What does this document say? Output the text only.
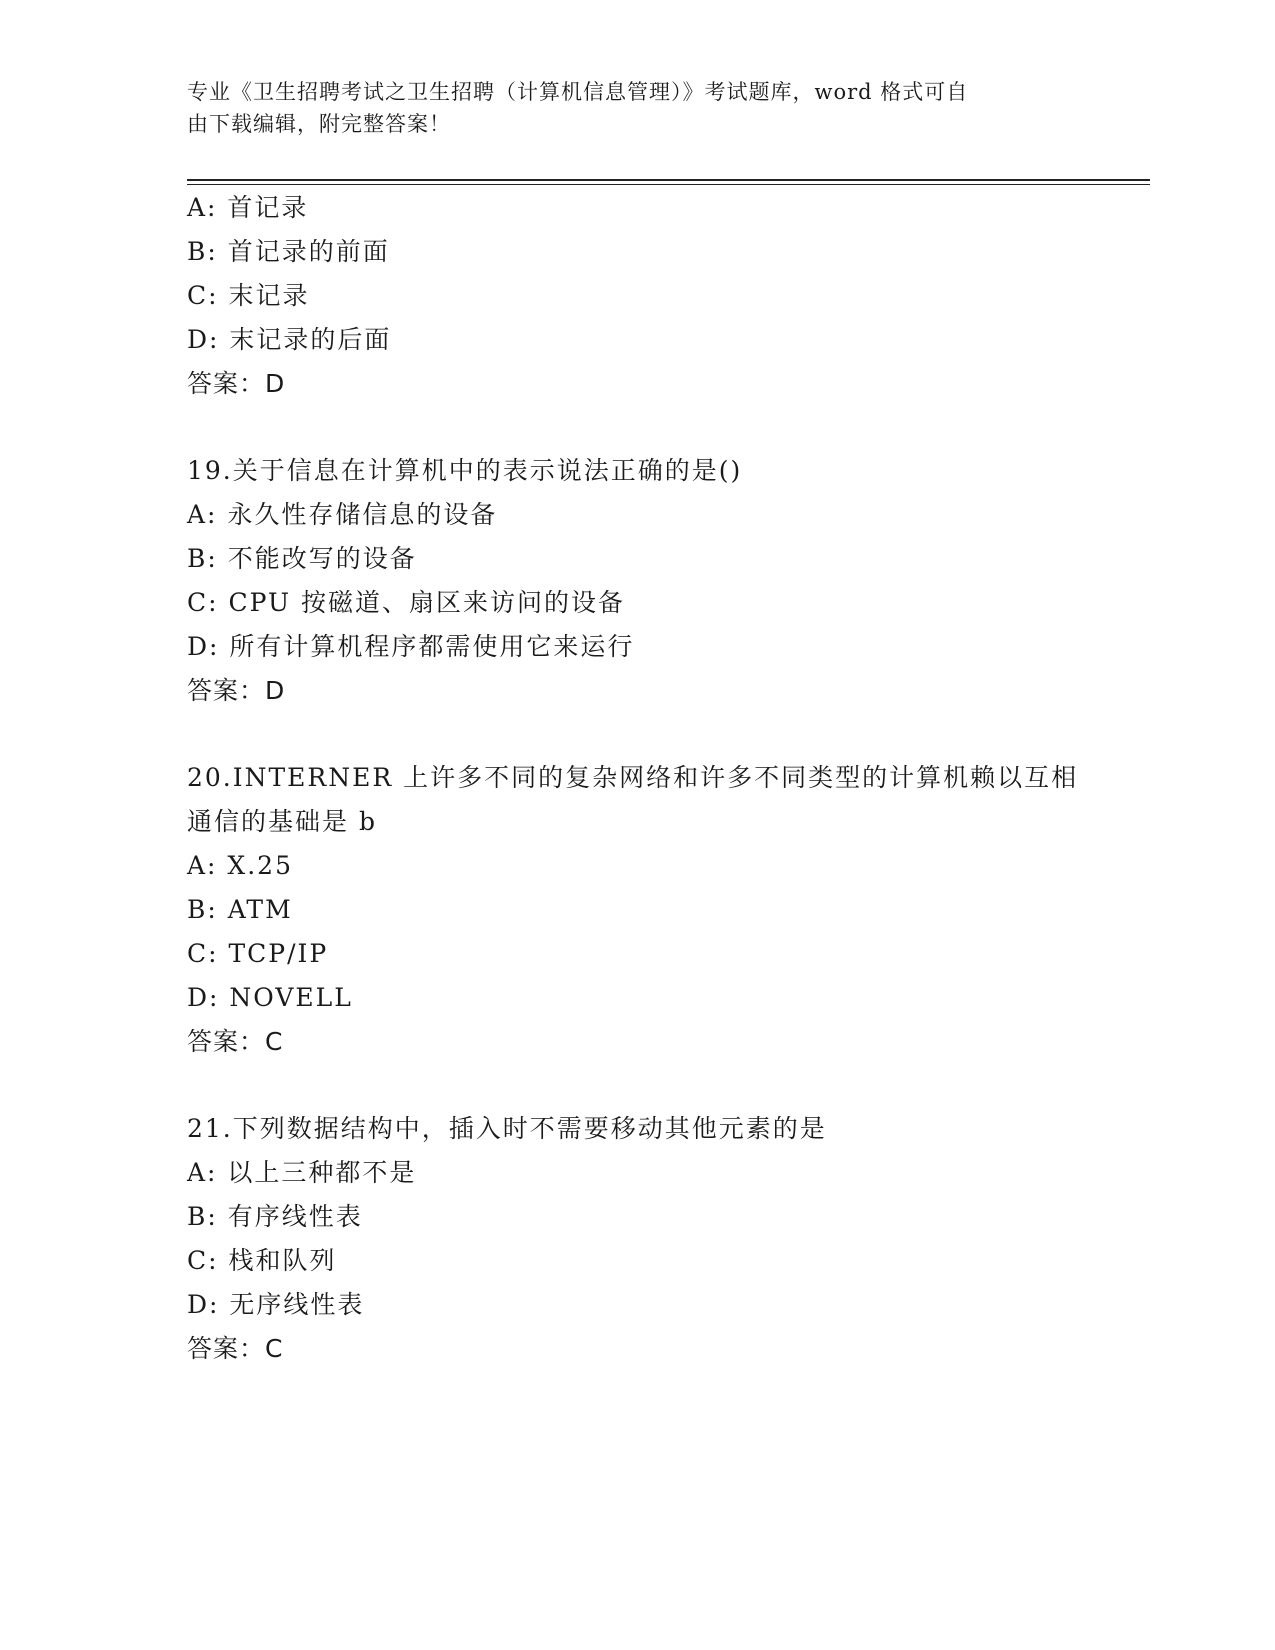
专业《卫生招聘考试之卫生招聘（计算机信息管理）》考试题库，word 格式可自
由下载编辑，附完整答案！
A: 首记录
B: 首记录的前面
C: 末记录
D: 末记录的后面
答案：D
19.关于信息在计算机中的表示说法正确的是()
A: 永久性存储信息的设备
B: 不能改写的设备
C: CPU 按磁道、扇区来访问的设备
D: 所有计算机程序都需使用它来运行
答案：D
20.INTERNER 上许多不同的复杂网络和许多不同类型的计算机赖以互相
通信的基础是 b
A: X.25
B: ATM
C: TCP/IP
D: NOVELL
答案：C
21.下列数据结构中，插入时不需要移动其他元素的是
A: 以上三种都不是
B: 有序线性表
C: 栈和队列
D: 无序线性表
答案：C
